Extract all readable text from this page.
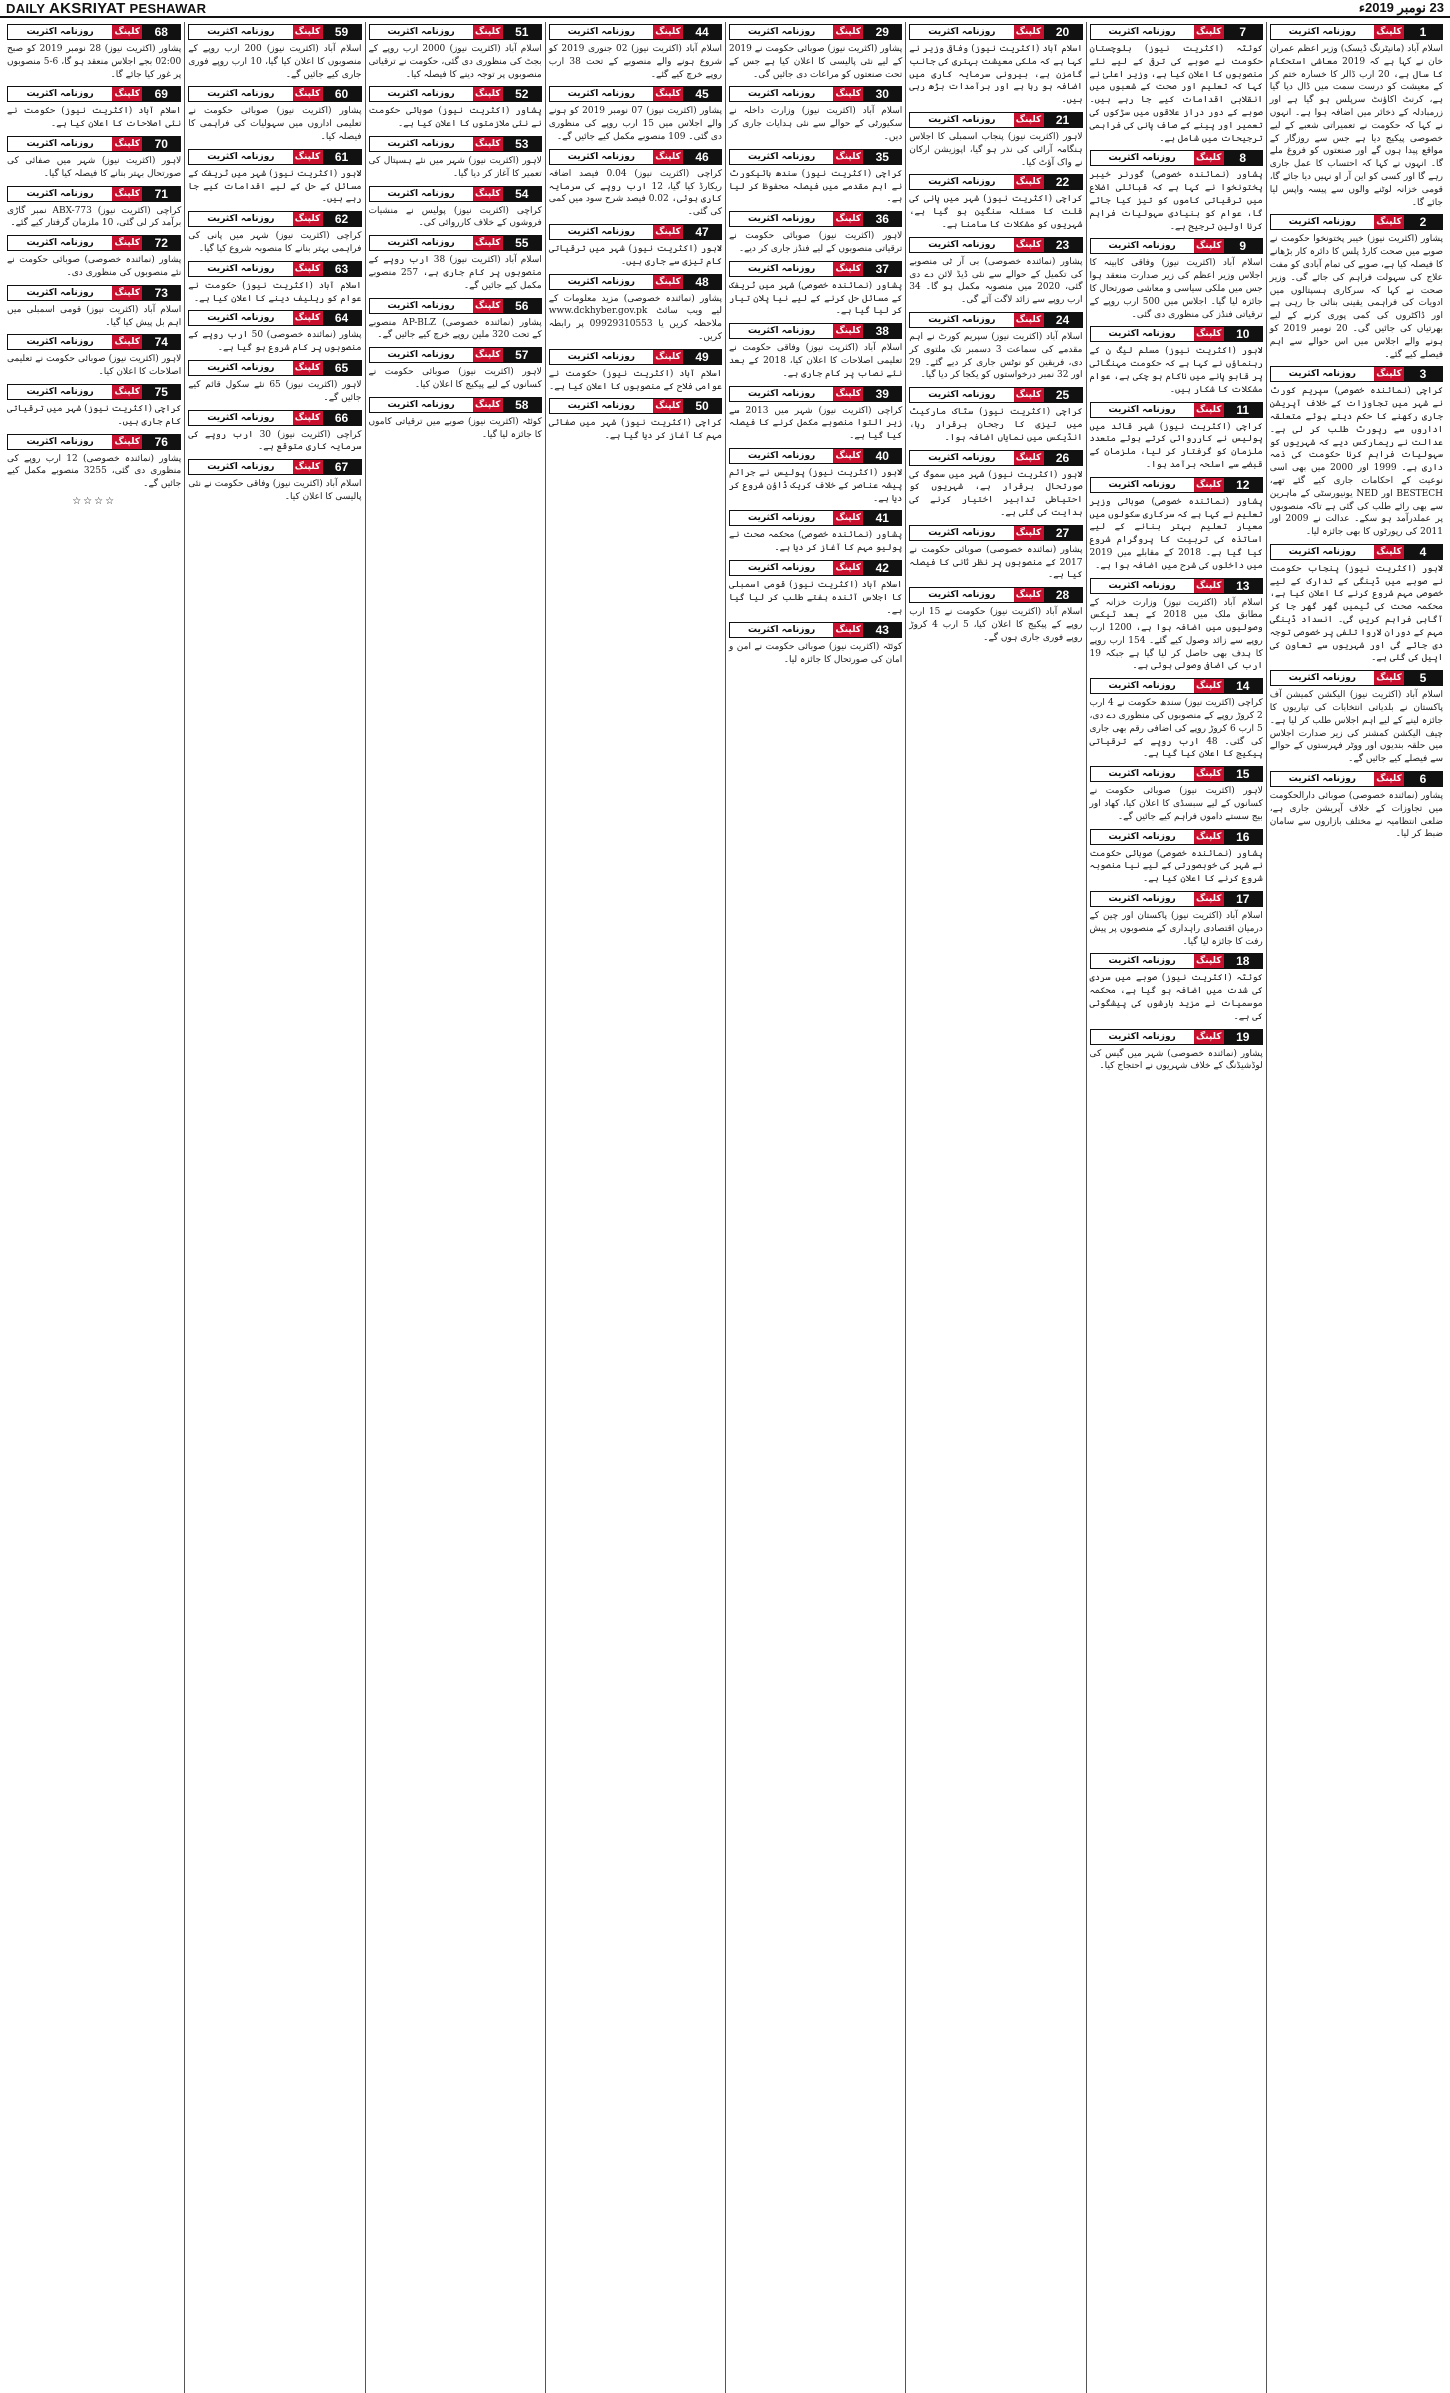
DAILY AKSRIYAT PESHAWAR	23 نومبر 2019ء
1
کلپنگ
روزنامہ اکثریت
اسلام آباد (مانیٹرنگ ڈیسک) وزیر اعظم عمران خان نے کہا ہے کہ 2019 معاشی استحکام کا سال ہے، 20 ارب ڈالر کا خسارہ ختم کر کے معیشت کو درست سمت میں ڈال دیا گیا ہے، کرنٹ اکاؤنٹ سرپلس ہو گیا ہے اور زرمبادلہ کے ذخائر میں اضافہ ہوا ہے۔ انہوں نے کہا کہ حکومت نے تعمیراتی شعبے کے لیے خصوصی پیکیج دیا ہے جس سے روزگار کے مواقع پیدا ہوں گے اور صنعتوں کو فروغ ملے گا۔ انہوں نے کہا کہ احتساب کا عمل جاری رہے گا اور کسی کو این آر او نہیں دیا جائے گا، قومی خزانہ لوٹنے والوں سے پیسہ واپس لیا جائے گا۔
2
کلپنگ
روزنامہ اکثریت
پشاور (اکثریت نیوز) خیبر پختونخوا حکومت نے صوبے میں صحت کارڈ پلس کا دائرہ کار بڑھانے کا فیصلہ کیا ہے، صوبے کی تمام آبادی کو مفت علاج کی سہولت فراہم کی جائے گی۔ وزیر صحت نے کہا کہ سرکاری ہسپتالوں میں ادویات کی فراہمی یقینی بنائی جا رہی ہے اور ڈاکٹروں کی کمی پوری کرنے کے لیے بھرتیاں کی جائیں گی۔ 20 نومبر 2019 کو ہونے والے اجلاس میں اس حوالے سے اہم فیصلے کیے گئے۔
3
کلپنگ
روزنامہ اکثریت
کراچی (نمائندہ خصوصی) سپریم کورٹ نے شہر میں تجاوزات کے خلاف آپریشن جاری رکھنے کا حکم دیتے ہوئے متعلقہ اداروں سے رپورٹ طلب کر لی ہے۔ عدالت نے ریمارکس دیے کہ شہریوں کو سہولیات فراہم کرنا حکومت کی ذمہ داری ہے۔ 1999 اور 2000 میں بھی اسی نوعیت کے احکامات جاری کیے گئے تھے، BESTECH اور NED یونیورسٹی کے ماہرین سے بھی رائے طلب کی گئی ہے تاکہ منصوبوں پر عملدرآمد ہو سکے۔ عدالت نے 2009 اور 2011 کی رپورٹوں کا بھی جائزہ لیا۔
4
کلپنگ
روزنامہ اکثریت
لاہور (اکثریت نیوز) پنجاب حکومت نے صوبے میں ڈینگی کے تدارک کے لیے خصوصی مہم شروع کرنے کا اعلان کیا ہے، محکمہ صحت کی ٹیمیں گھر گھر جا کر آگاہی فراہم کریں گی۔ انسداد ڈینگی مہم کے دوران لاروا تلفی پر خصوصی توجہ دی جائے گی اور شہریوں سے تعاون کی اپیل کی گئی ہے۔
5
کلپنگ
روزنامہ اکثریت
اسلام آباد (اکثریت نیوز) الیکشن کمیشن آف پاکستان نے بلدیاتی انتخابات کی تیاریوں کا جائزہ لینے کے لیے اہم اجلاس طلب کر لیا ہے۔ چیف الیکشن کمشنر کی زیر صدارت اجلاس میں حلقہ بندیوں اور ووٹر فہرستوں کے حوالے سے فیصلے کیے جائیں گے۔
6
کلپنگ
روزنامہ اکثریت
پشاور (نمائندہ خصوصی) صوبائی دارالحکومت میں تجاوزات کے خلاف آپریشن جاری ہے، ضلعی انتظامیہ نے مختلف بازاروں سے سامان ضبط کر لیا۔
7
کلپنگ
روزنامہ اکثریت
کوئٹہ (اکثریت نیوز) بلوچستان حکومت نے صوبے کی ترقی کے لیے نئے منصوبوں کا اعلان کیا ہے، وزیر اعلیٰ نے کہا کہ تعلیم اور صحت کے شعبوں میں انقلابی اقدامات کیے جا رہے ہیں۔ صوبے کے دور دراز علاقوں میں سڑکوں کی تعمیر اور پینے کے صاف پانی کی فراہمی ترجیحات میں شامل ہے۔
8
کلپنگ
روزنامہ اکثریت
پشاور (نمائندہ خصوصی) گورنر خیبر پختونخوا نے کہا ہے کہ قبائلی اضلاع میں ترقیاتی کاموں کو تیز کیا جائے گا، عوام کو بنیادی سہولیات فراہم کرنا اولین ترجیح ہے۔
9
کلپنگ
روزنامہ اکثریت
اسلام آباد (اکثریت نیوز) وفاقی کابینہ کا اجلاس وزیر اعظم کی زیر صدارت منعقد ہوا جس میں ملکی سیاسی و معاشی صورتحال کا جائزہ لیا گیا۔ اجلاس میں 500 ارب روپے کے ترقیاتی فنڈز کی منظوری دی گئی۔
10
کلپنگ
روزنامہ اکثریت
لاہور (اکثریت نیوز) مسلم لیگ ن کے رہنماؤں نے کہا ہے کہ حکومت مہنگائی پر قابو پانے میں ناکام ہو چکی ہے، عوام مشکلات کا شکار ہیں۔
11
کلپنگ
روزنامہ اکثریت
کراچی (اکثریت نیوز) شہر قائد میں پولیس نے کارروائی کرتے ہوئے متعدد ملزمان کو گرفتار کر لیا، ملزمان کے قبضے سے اسلحہ برآمد ہوا۔
12
کلپنگ
روزنامہ اکثریت
پشاور (نمائندہ خصوصی) صوبائی وزیر تعلیم نے کہا ہے کہ سرکاری سکولوں میں معیار تعلیم بہتر بنانے کے لیے اساتذہ کی تربیت کا پروگرام شروع کیا گیا ہے۔ 2018 کے مقابلے میں 2019 میں داخلوں کی شرح میں اضافہ ہوا ہے۔
13
کلپنگ
روزنامہ اکثریت
اسلام آباد (اکثریت نیوز) وزارت خزانہ کے مطابق ملک میں 2018 کے بعد ٹیکس وصولیوں میں اضافہ ہوا ہے، 1200 ارب روپے سے زائد وصول کیے گئے۔ 154 ارب روپے کا ہدف بھی حاصل کر لیا گیا ہے جبکہ 19 ارب کی اضافی وصولی ہوئی ہے۔
14
کلپنگ
روزنامہ اکثریت
کراچی (اکثریت نیوز) سندھ حکومت نے 4 ارب 2 کروڑ روپے کے منصوبوں کی منظوری دے دی، 5 ارب 6 کروڑ روپے کی اضافی رقم بھی جاری کی گئی۔ 48 ارب روپے کے ترقیاتی پیکیج کا اعلان کیا گیا ہے۔
15
کلپنگ
روزنامہ اکثریت
لاہور (اکثریت نیوز) صوبائی حکومت نے کسانوں کے لیے سبسڈی کا اعلان کیا، کھاد اور بیج سستے داموں فراہم کیے جائیں گے۔
16
کلپنگ
روزنامہ اکثریت
پشاور (نمائندہ خصوصی) صوبائی حکومت نے شہر کی خوبصورتی کے لیے نیا منصوبہ شروع کرنے کا اعلان کیا ہے۔
17
کلپنگ
روزنامہ اکثریت
اسلام آباد (اکثریت نیوز) پاکستان اور چین کے درمیان اقتصادی راہداری کے منصوبوں پر پیش رفت کا جائزہ لیا گیا۔
18
کلپنگ
روزنامہ اکثریت
کوئٹہ (اکثریت نیوز) صوبے میں سردی کی شدت میں اضافہ ہو گیا ہے، محکمہ موسمیات نے مزید بارشوں کی پیشگوئی کی ہے۔
19
کلپنگ
روزنامہ اکثریت
پشاور (نمائندہ خصوصی) شہر میں گیس کی لوڈشیڈنگ کے خلاف شہریوں نے احتجاج کیا۔
20
کلپنگ
روزنامہ اکثریت
اسلام آباد (اکثریت نیوز) وفاقی وزیر نے کہا ہے کہ ملکی معیشت بہتری کی جانب گامزن ہے، بیرونی سرمایہ کاری میں اضافہ ہو رہا ہے اور برآمدات بڑھ رہی ہیں۔
21
کلپنگ
روزنامہ اکثریت
لاہور (اکثریت نیوز) پنجاب اسمبلی کا اجلاس ہنگامہ آرائی کی نذر ہو گیا، اپوزیشن ارکان نے واک آؤٹ کیا۔
22
کلپنگ
روزنامہ اکثریت
کراچی (اکثریت نیوز) شہر میں پانی کی قلت کا مسئلہ سنگین ہو گیا ہے، شہریوں کو مشکلات کا سامنا ہے۔
23
کلپنگ
روزنامہ اکثریت
پشاور (نمائندہ خصوصی) بی آر ٹی منصوبے کی تکمیل کے حوالے سے نئی ڈیڈ لائن دے دی گئی، 2020 میں منصوبہ مکمل ہو گا۔ 34 ارب روپے سے زائد لاگت آئے گی۔
24
کلپنگ
روزنامہ اکثریت
اسلام آباد (اکثریت نیوز) سپریم کورٹ نے اہم مقدمے کی سماعت 3 دسمبر تک ملتوی کر دی، فریقین کو نوٹس جاری کر دیے گئے۔ 29 اور 32 نمبر درخواستوں کو یکجا کر دیا گیا۔
25
کلپنگ
روزنامہ اکثریت
کراچی (اکثریت نیوز) سٹاک مارکیٹ میں تیزی کا رجحان برقرار رہا، انڈیکس میں نمایاں اضافہ ہوا۔
26
کلپنگ
روزنامہ اکثریت
لاہور (اکثریت نیوز) شہر میں سموگ کی صورتحال برقرار ہے، شہریوں کو احتیاطی تدابیر اختیار کرنے کی ہدایت کی گئی ہے۔
27
کلپنگ
روزنامہ اکثریت
پشاور (نمائندہ خصوصی) صوبائی حکومت نے 2017 کے منصوبوں پر نظر ثانی کا فیصلہ کیا ہے۔
28
کلپنگ
روزنامہ اکثریت
اسلام آباد (اکثریت نیوز) حکومت نے 15 ارب روپے کے پیکیج کا اعلان کیا، 5 ارب 4 کروڑ روپے فوری جاری ہوں گے۔
29
کلپنگ
روزنامہ اکثریت
پشاور (اکثریت نیوز) صوبائی حکومت نے 2019 کے لیے نئی پالیسی کا اعلان کیا ہے جس کے تحت صنعتوں کو مراعات دی جائیں گی۔
30
کلپنگ
روزنامہ اکثریت
اسلام آباد (اکثریت نیوز) وزارت داخلہ نے سکیورٹی کے حوالے سے نئی ہدایات جاری کر دیں۔
35
کلپنگ
روزنامہ اکثریت
کراچی (اکثریت نیوز) سندھ ہائیکورٹ نے اہم مقدمے میں فیصلہ محفوظ کر لیا ہے۔
36
کلپنگ
روزنامہ اکثریت
لاہور (اکثریت نیوز) صوبائی حکومت نے ترقیاتی منصوبوں کے لیے فنڈز جاری کر دیے۔
37
کلپنگ
روزنامہ اکثریت
پشاور (نمائندہ خصوصی) شہر میں ٹریفک کے مسائل حل کرنے کے لیے نیا پلان تیار کر لیا گیا ہے۔
38
کلپنگ
روزنامہ اکثریت
اسلام آباد (اکثریت نیوز) وفاقی حکومت نے تعلیمی اصلاحات کا اعلان کیا، 2018 کے بعد نئے نصاب پر کام جاری ہے۔
39
کلپنگ
روزنامہ اکثریت
کراچی (اکثریت نیوز) شہر میں 2013 سے زیر التوا منصوبے مکمل کرنے کا فیصلہ کیا گیا ہے۔
40
کلپنگ
روزنامہ اکثریت
لاہور (اکثریت نیوز) پولیس نے جرائم پیشہ عناصر کے خلاف کریک ڈاؤن شروع کر دیا ہے۔
41
کلپنگ
روزنامہ اکثریت
پشاور (نمائندہ خصوصی) محکمہ صحت نے پولیو مہم کا آغاز کر دیا ہے۔
42
کلپنگ
روزنامہ اکثریت
اسلام آباد (اکثریت نیوز) قومی اسمبلی کا اجلاس آئندہ ہفتے طلب کر لیا گیا ہے۔
43
کلپنگ
روزنامہ اکثریت
کوئٹہ (اکثریت نیوز) صوبائی حکومت نے امن و امان کی صورتحال کا جائزہ لیا۔
44
کلپنگ
روزنامہ اکثریت
اسلام آباد (اکثریت نیوز) 02 جنوری 2019 کو شروع ہونے والے منصوبے کے تحت 38 ارب روپے خرچ کیے گئے۔
45
کلپنگ
روزنامہ اکثریت
پشاور (اکثریت نیوز) 07 نومبر 2019 کو ہونے والے اجلاس میں 15 ارب روپے کی منظوری دی گئی۔ 109 منصوبے مکمل کیے جائیں گے۔
46
کلپنگ
روزنامہ اکثریت
کراچی (اکثریت نیوز) 0.04 فیصد اضافہ ریکارڈ کیا گیا، 12 ارب روپے کی سرمایہ کاری ہوئی، 0.02 فیصد شرح سود میں کمی کی گئی۔
47
کلپنگ
روزنامہ اکثریت
لاہور (اکثریت نیوز) شہر میں ترقیاتی کام تیزی سے جاری ہیں۔
48
کلپنگ
روزنامہ اکثریت
پشاور (نمائندہ خصوصی) مزید معلومات کے لیے ویب سائٹ www.dckhyber.gov.pk ملاحظہ کریں یا 09929310553 پر رابطہ کریں۔
49
کلپنگ
روزنامہ اکثریت
اسلام آباد (اکثریت نیوز) حکومت نے عوامی فلاح کے منصوبوں کا اعلان کیا ہے۔
50
کلپنگ
روزنامہ اکثریت
کراچی (اکثریت نیوز) شہر میں صفائی مہم کا آغاز کر دیا گیا ہے۔
51
کلپنگ
روزنامہ اکثریت
اسلام آباد (اکثریت نیوز) 2000 ارب روپے کے بجٹ کی منظوری دی گئی، حکومت نے ترقیاتی منصوبوں پر توجہ دینے کا فیصلہ کیا۔
52
کلپنگ
روزنامہ اکثریت
پشاور (اکثریت نیوز) صوبائی حکومت نے نئی ملازمتوں کا اعلان کیا ہے۔
53
کلپنگ
روزنامہ اکثریت
لاہور (اکثریت نیوز) شہر میں نئے ہسپتال کی تعمیر کا آغاز کر دیا گیا۔
54
کلپنگ
روزنامہ اکثریت
کراچی (اکثریت نیوز) پولیس نے منشیات فروشوں کے خلاف کارروائی کی۔
55
کلپنگ
روزنامہ اکثریت
اسلام آباد (اکثریت نیوز) 38 ارب روپے کے منصوبوں پر کام جاری ہے، 257 منصوبے مکمل کیے جائیں گے۔
56
کلپنگ
روزنامہ اکثریت
پشاور (نمائندہ خصوصی) AP-BLZ منصوبے کے تحت 320 ملین روپے خرچ کیے جائیں گے۔
57
کلپنگ
روزنامہ اکثریت
لاہور (اکثریت نیوز) صوبائی حکومت نے کسانوں کے لیے پیکیج کا اعلان کیا۔
58
کلپنگ
روزنامہ اکثریت
کوئٹہ (اکثریت نیوز) صوبے میں ترقیاتی کاموں کا جائزہ لیا گیا۔
59
کلپنگ
روزنامہ اکثریت
اسلام آباد (اکثریت نیوز) 200 ارب روپے کے منصوبوں کا اعلان کیا گیا، 10 ارب روپے فوری جاری کیے جائیں گے۔
60
کلپنگ
روزنامہ اکثریت
پشاور (اکثریت نیوز) صوبائی حکومت نے تعلیمی اداروں میں سہولیات کی فراہمی کا فیصلہ کیا۔
61
کلپنگ
روزنامہ اکثریت
لاہور (اکثریت نیوز) شہر میں ٹریفک کے مسائل کے حل کے لیے اقدامات کیے جا رہے ہیں۔
62
کلپنگ
روزنامہ اکثریت
کراچی (اکثریت نیوز) شہر میں پانی کی فراہمی بہتر بنانے کا منصوبہ شروع کیا گیا۔
63
کلپنگ
روزنامہ اکثریت
اسلام آباد (اکثریت نیوز) حکومت نے عوام کو ریلیف دینے کا اعلان کیا ہے۔
64
کلپنگ
روزنامہ اکثریت
پشاور (نمائندہ خصوصی) 50 ارب روپے کے منصوبوں پر کام شروع ہو گیا ہے۔
65
کلپنگ
روزنامہ اکثریت
لاہور (اکثریت نیوز) 65 نئے سکول قائم کیے جائیں گے۔
66
کلپنگ
روزنامہ اکثریت
کراچی (اکثریت نیوز) 30 ارب روپے کی سرمایہ کاری متوقع ہے۔
67
کلپنگ
روزنامہ اکثریت
اسلام آباد (اکثریت نیوز) وفاقی حکومت نے نئی پالیسی کا اعلان کیا۔
68
کلپنگ
روزنامہ اکثریت
پشاور (اکثریت نیوز) 28 نومبر 2019 کو صبح 02:00 بجے اجلاس منعقد ہو گا، 6-5 منصوبوں پر غور کیا جائے گا۔
69
کلپنگ
روزنامہ اکثریت
اسلام آباد (اکثریت نیوز) حکومت نے نئی اصلاحات کا اعلان کیا ہے۔
70
کلپنگ
روزنامہ اکثریت
لاہور (اکثریت نیوز) شہر میں صفائی کی صورتحال بہتر بنانے کا فیصلہ کیا گیا۔
71
کلپنگ
روزنامہ اکثریت
کراچی (اکثریت نیوز) ABX-773 نمبر گاڑی برآمد کر لی گئی، 10 ملزمان گرفتار کیے گئے۔
72
کلپنگ
روزنامہ اکثریت
پشاور (نمائندہ خصوصی) صوبائی حکومت نے نئے منصوبوں کی منظوری دی۔
73
کلپنگ
روزنامہ اکثریت
اسلام آباد (اکثریت نیوز) قومی اسمبلی میں اہم بل پیش کیا گیا۔
74
کلپنگ
روزنامہ اکثریت
لاہور (اکثریت نیوز) صوبائی حکومت نے تعلیمی اصلاحات کا اعلان کیا۔
75
کلپنگ
روزنامہ اکثریت
کراچی (اکثریت نیوز) شہر میں ترقیاتی کام جاری ہیں۔
76
کلپنگ
روزنامہ اکثریت
پشاور (نمائندہ خصوصی) 12 ارب روپے کی منظوری دی گئی، 3255 منصوبے مکمل کیے جائیں گے۔
☆☆☆☆
